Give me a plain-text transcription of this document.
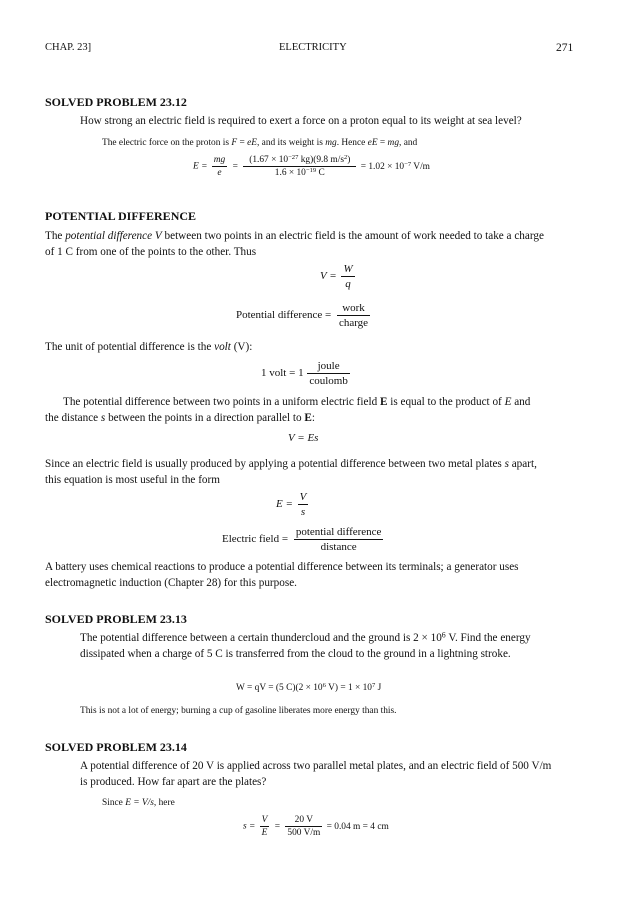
CHAP. 23]	ELECTRICITY	271
SOLVED PROBLEM 23.12
How strong an electric field is required to exert a force on a proton equal to its weight at sea level?
The electric force on the proton is F = eE, and its weight is mg. Hence eE = mg, and
$E = \frac{mg}{e} = \frac{(1.67 \times 10^{-27} kg)(9.8 m/s^2)}{1.6 \times 10^{-19} C} = 1.02 \times 10^{-7}$ V/m
POTENTIAL DIFFERENCE
The potential difference V between two points in an electric field is the amount of work needed to take a charge
of 1 C from one of the points to the other. Thus
$V = \frac{W}{q}$
Potential difference = $\frac{\text{work}}{\text{charge}}$
The unit of potential difference is the volt (V):
1 volt = $1 \frac{\text{joule}}{\text{coulomb}}$
The potential difference between two points in a uniform electric field E is equal to the product of E and
the distance s between the points in a direction parallel to E:
V = Es
Since an electric field is usually produced by applying a potential difference between two metal plates s apart,
this equation is most useful in the form
$E = \frac{V}{s}$
Electric field = $\frac{\text{potential difference}}{\text{distance}}$
A battery uses chemical reactions to produce a potential difference between its terminals; a generator uses
electromagnetic induction (Chapter 28) for this purpose.
SOLVED PROBLEM 23.13
The potential difference between a certain thundercloud and the ground is $2 \times 10^6$ V. Find the energy
dissipated when a charge of 5 C is transferred from the cloud to the ground in a lightning stroke.
W = qV = (5 $C)(2 \times 10^6$ $V) = 1 \times 10^7$ J
This is not a lot of energy; burning a cup of gasoline liberates more energy than this.
SOLVED PROBLEM 23.14
A potential difference of 20 V is applied across two parallel metal plates, and an electric field of 500 V/m
is produced. How far apart are the plates?
Since E = V/s, here
$s = \frac{V}{E} = \frac{20 V}{500 V/m} = 0.04$ m = 4 cm
